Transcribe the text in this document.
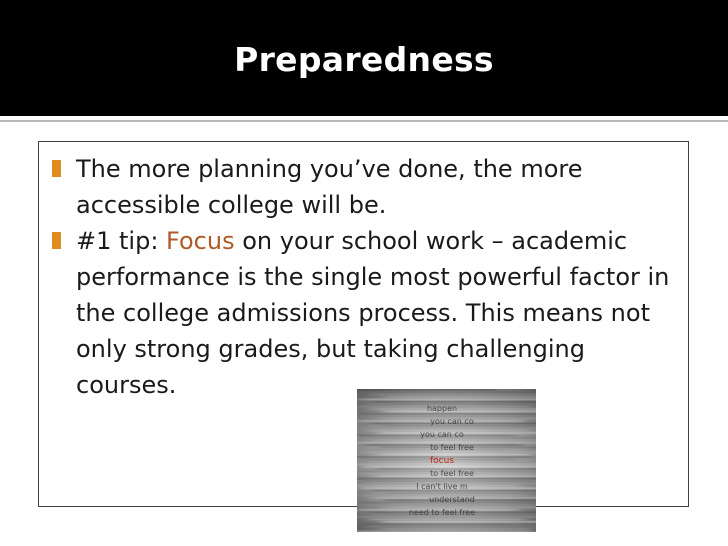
Preparedness
The more planning you’ve done, the more accessible college will be.
#1 tip: Focus on your school work – academic performance is the single most powerful factor in the college admissions process. This means not only strong grades, but taking challenging courses.
happen
you can co
you can co
to feel free
focus
to feel free
I can't live m
understand
need to feel free
